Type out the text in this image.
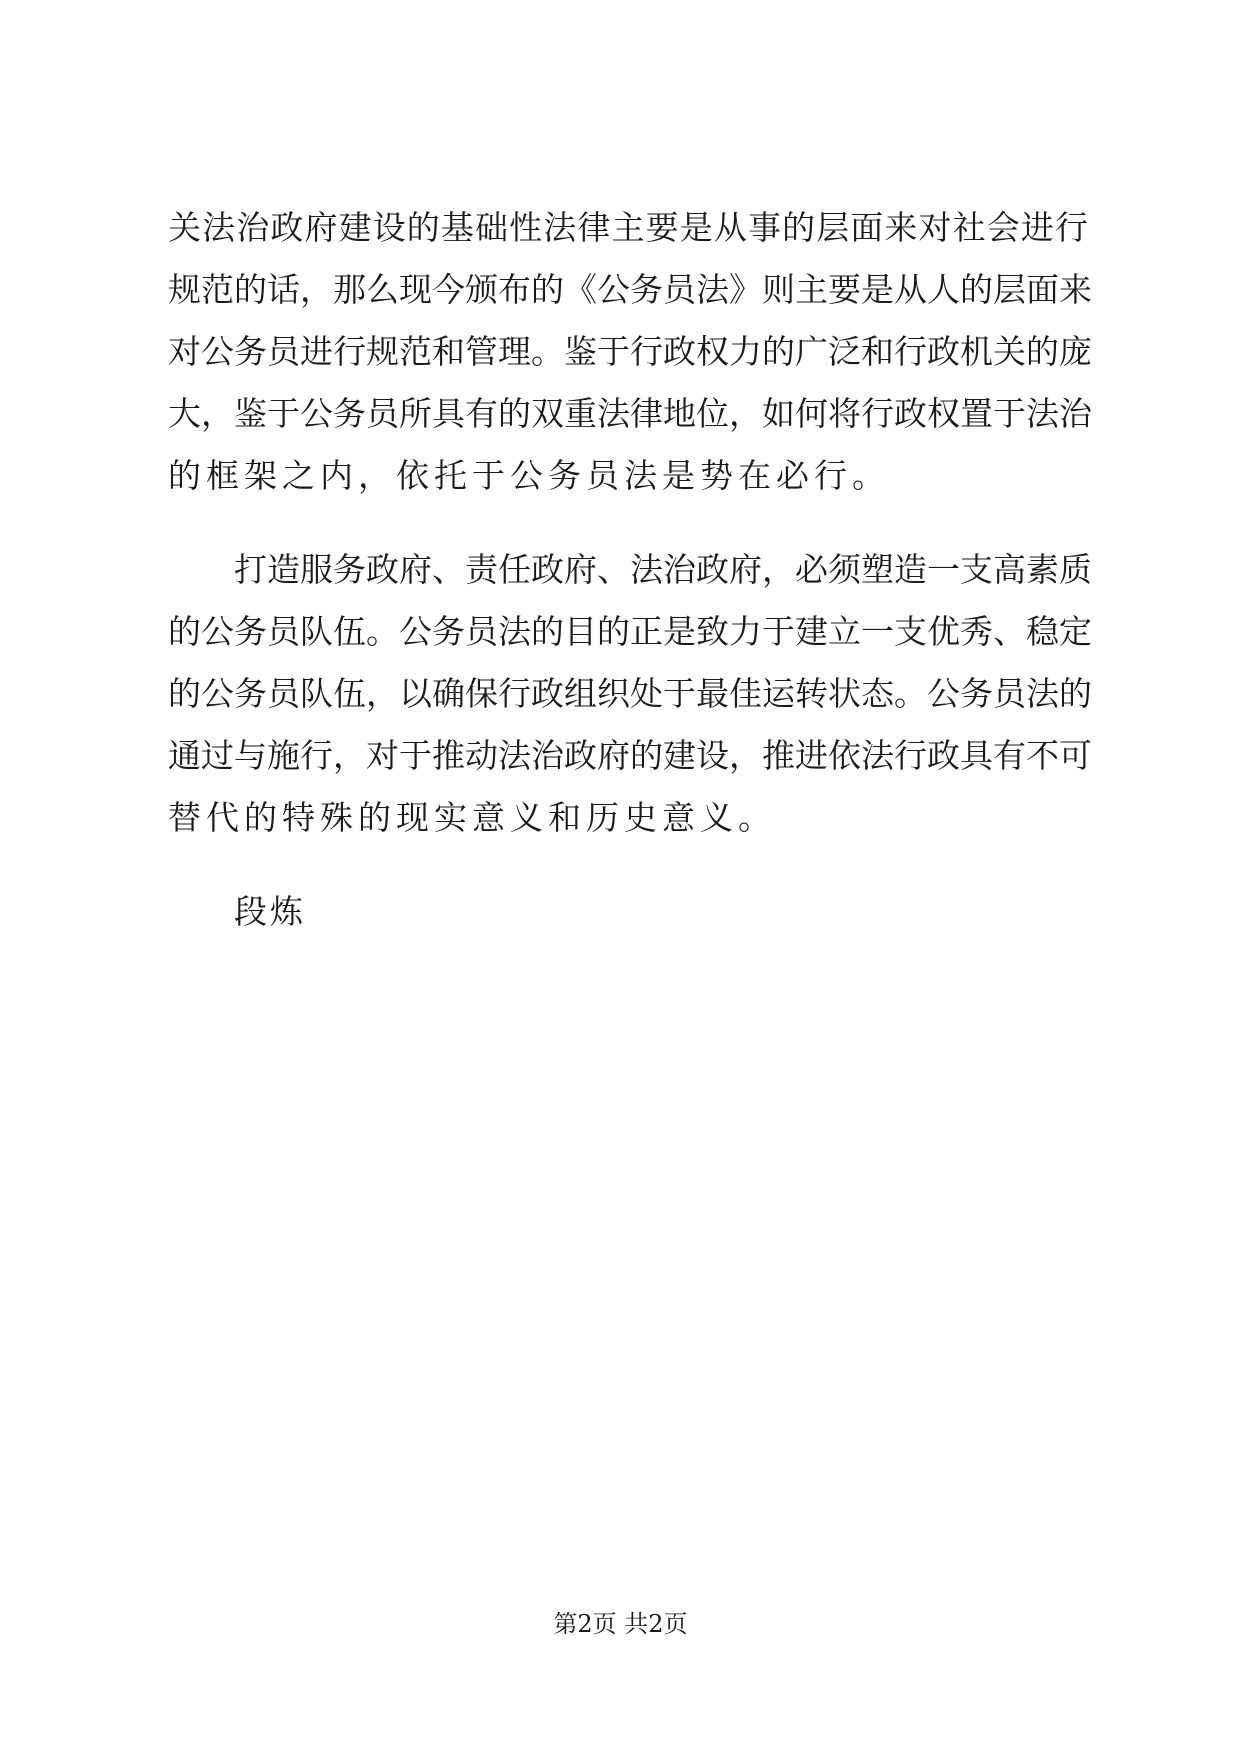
关法治政府建设的基础性法律主要是从事的层面来对社会进行
规范的话，那么现今颁布的《公务员法》则主要是从人的层面来
对公务员进行规范和管理。鉴于行政权力的广泛和行政机关的庞
大，鉴于公务员所具有的双重法律地位，如何将行政权置于法治
的框架之内，依托于公务员法是势在必行。
打造服务政府、责任政府、法治政府，必须塑造一支高素质
的公务员队伍。公务员法的目的正是致力于建立一支优秀、稳定
的公务员队伍，以确保行政组织处于最佳运转状态。公务员法的
通过与施行，对于推动法治政府的建设，推进依法行政具有不可
替代的特殊的现实意义和历史意义。
段炼
第2页 共2页
